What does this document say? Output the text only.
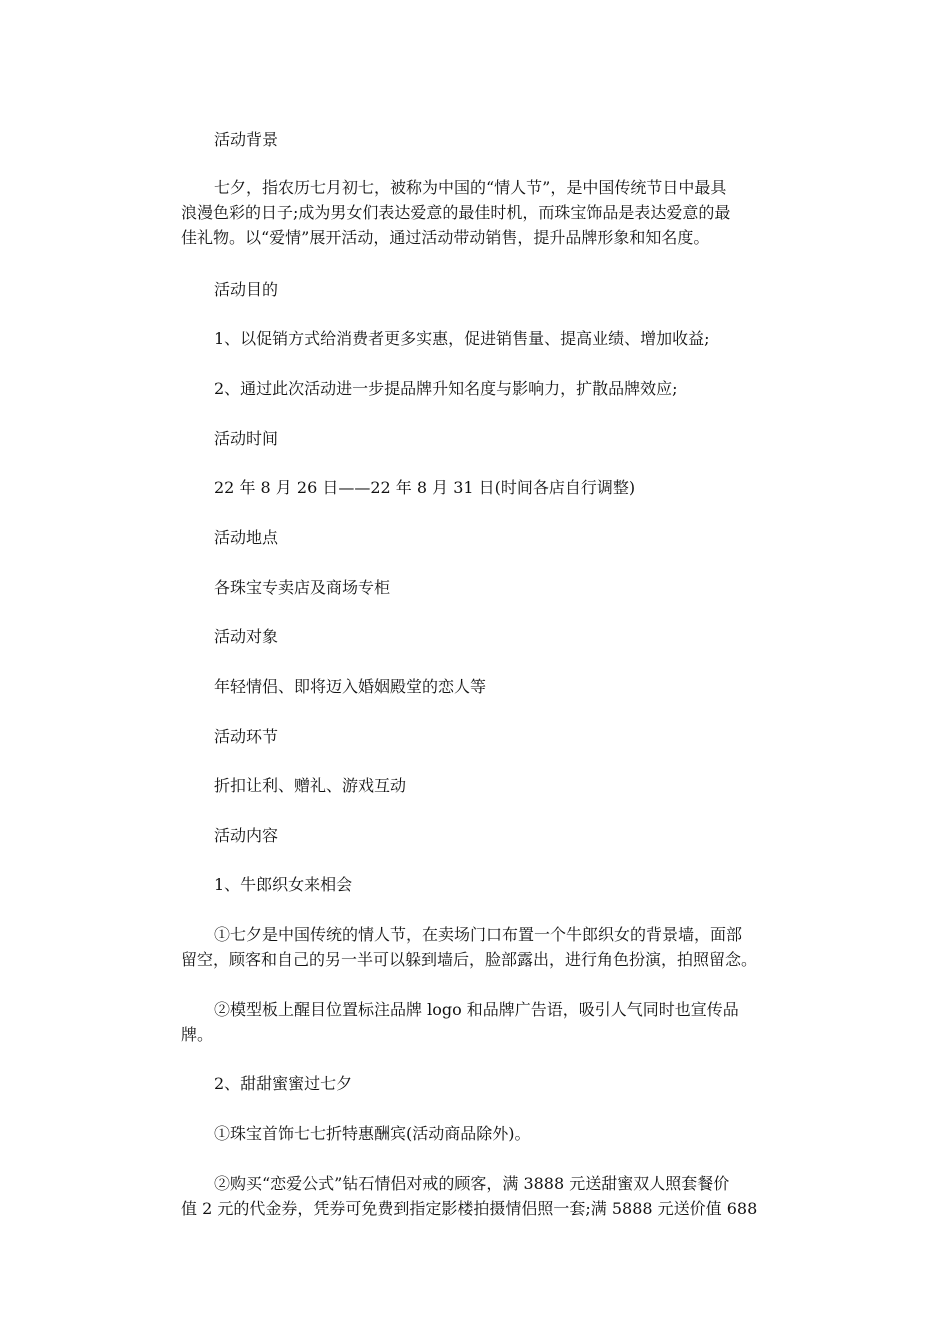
活动背景
七夕，指农历七月初七，被称为中国的“情人节”，是中国传统节日中最具
浪漫色彩的日子;成为男女们表达爱意的最佳时机，而珠宝饰品是表达爱意的最
佳礼物。以“爱情”展开活动，通过活动带动销售，提升品牌形象和知名度。
活动目的
1、以促销方式给消费者更多实惠，促进销售量、提高业绩、增加收益;
2、通过此次活动进一步提品牌升知名度与影响力，扩散品牌效应;
活动时间
22 年 8 月 26 日——22 年 8 月 31 日(时间各店自行调整)
活动地点
各珠宝专卖店及商场专柜
活动对象
年轻情侣、即将迈入婚姻殿堂的恋人等
活动环节
折扣让利、赠礼、游戏互动
活动内容
1、牛郎织女来相会
①七夕是中国传统的情人节，在卖场门口布置一个牛郎织女的背景墙，面部
留空，顾客和自己的另一半可以躲到墙后，脸部露出，进行角色扮演，拍照留念。
②模型板上醒目位置标注品牌 logo 和品牌广告语，吸引人气同时也宣传品
牌。
2、甜甜蜜蜜过七夕
①珠宝首饰七七折特惠酬宾(活动商品除外)。
②购买“恋爱公式”钻石情侣对戒的顾客，满 3888 元送甜蜜双人照套餐价
值 2 元的代金券，凭券可免费到指定影楼拍摄情侣照一套;满 5888 元送价值 688
